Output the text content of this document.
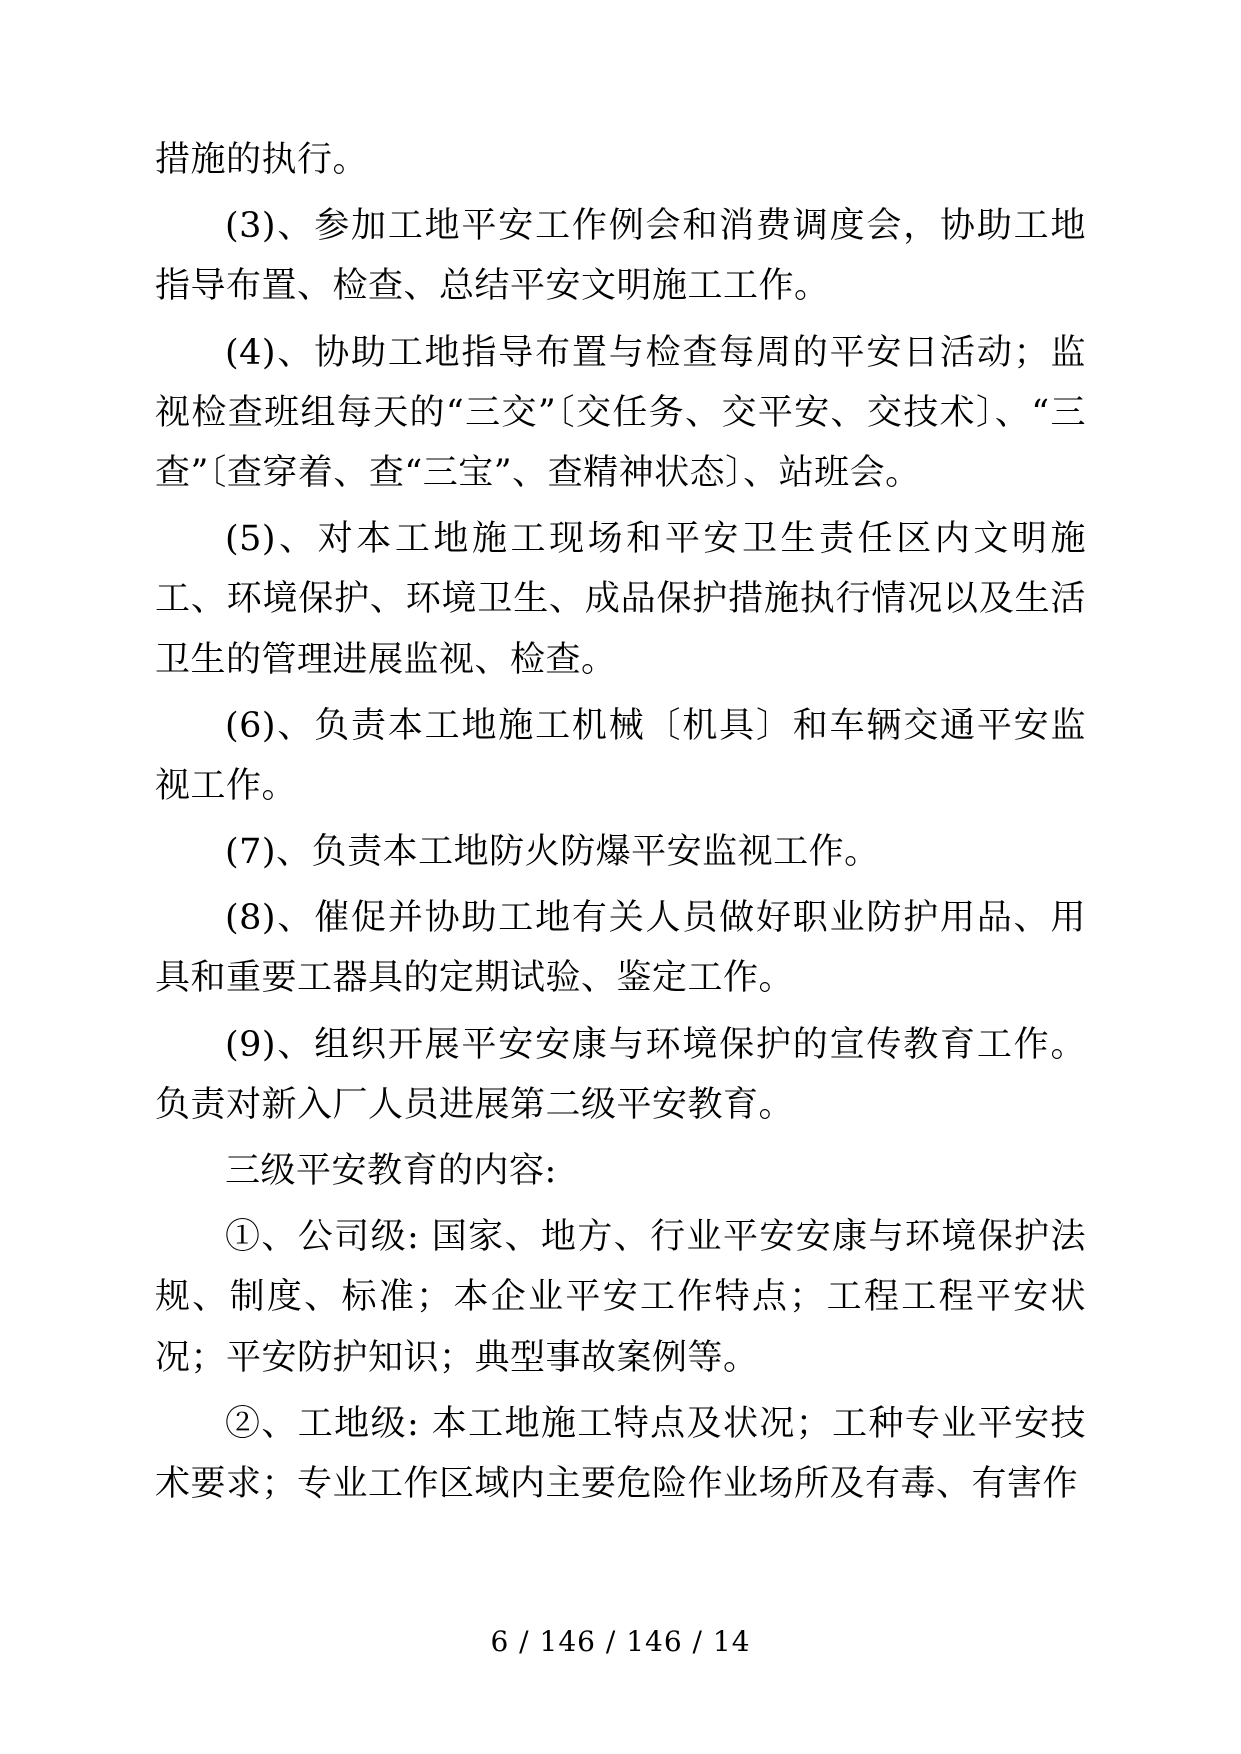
措施的执行。

(3)、参加工地平安工作例会和消费调度会，协助工地指导布置、检查、总结平安文明施工工作。

(4)、协助工地指导布置与检查每周的平安日活动；监视检查班组每天的“三交”〔交任务、交平安、交技术〕、“三查”〔查穿着、查“三宝”、查精神状态〕、站班会。

(5)、对本工地施工现场和平安卫生责任区内文明施工、环境保护、环境卫生、成品保护措施执行情况以及生活卫生的管理进展监视、检查。

(6)、负责本工地施工机械〔机具〕和车辆交通平安监视工作。

(7)、负责本工地防火防爆平安监视工作。

(8)、催促并协助工地有关人员做好职业防护用品、用具和重要工器具的定期试验、鉴定工作。

(9)、组织开展平安安康与环境保护的宣传教育工作。负责对新入厂人员进展第二级平安教育。

三级平安教育的内容:

①、公司级: 国家、地方、行业平安安康与环境保护法规、制度、标准；本企业平安工作特点；工程工程平安状况；平安防护知识；典型事故案例等。

②、工地级: 本工地施工特点及状况；工种专业平安技术要求；专业工作区域内主要危险作业场所及有毒、有害作

6 / 146 / 146 / 14
